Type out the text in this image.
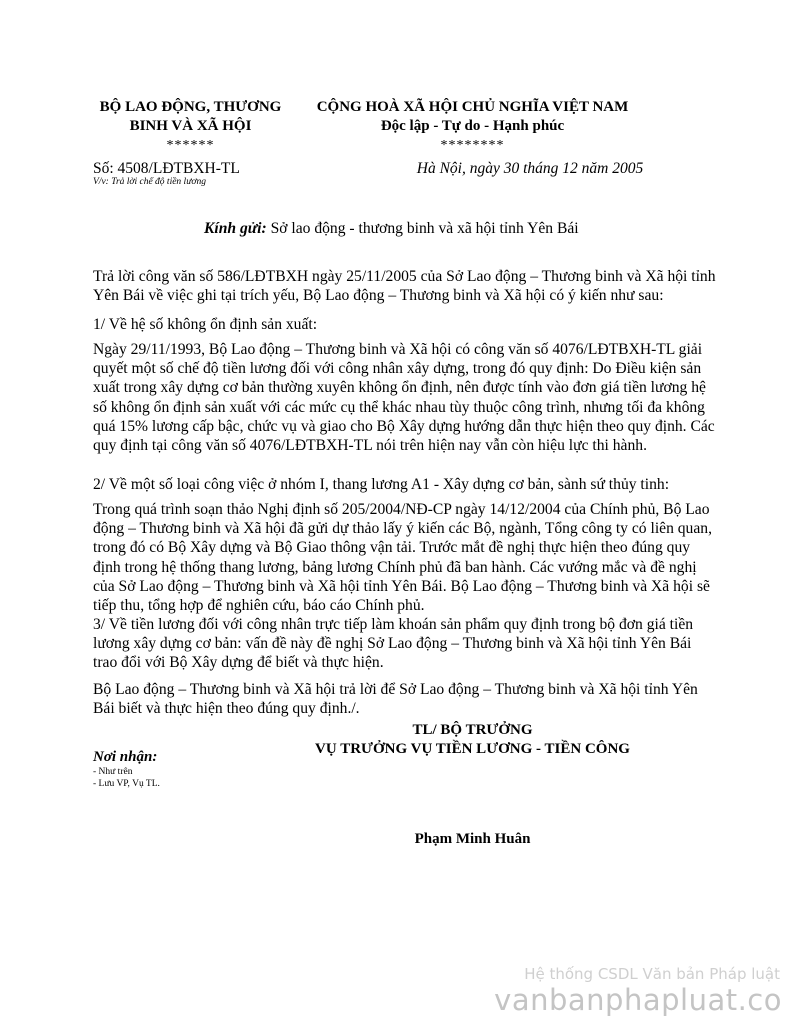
BỘ LAO ĐỘNG, THƯƠNG
BINH VÀ XÃ HỘI
******
CỘNG HOÀ XÃ HỘI CHỦ NGHĨA VIỆT NAM
Độc lập - Tự do - Hạnh phúc
********
Số: 4508/LĐTBXH-TL
V/v: Trả lời chế độ tiền lương
Hà Nội, ngày 30 tháng 12 năm 2005
Kính gửi: Sở lao động - thương binh và xã hội tỉnh Yên Bái

Trả lời công văn số 586/LĐTBXH ngày 25/11/2005 của Sở Lao động – Thương binh và Xã hội tỉnh Yên Bái về việc ghi tại trích yếu, Bộ Lao động – Thương binh và Xã hội có ý kiến như sau:

1/ Về hệ số không ổn định sản xuất:

Ngày 29/11/1993, Bộ Lao động – Thương binh và Xã hội có công văn số 4076/LĐTBXH-TL giải quyết một số chế độ tiền lương đối với công nhân xây dựng, trong đó quy định: Do Điều kiện sản xuất trong xây dựng cơ bản thường xuyên không ổn định, nên được tính vào đơn giá tiền lương hệ số không ổn định sản xuất với các mức cụ thể khác nhau tùy thuộc công trình, nhưng tối đa không quá 15% lương cấp bậc, chức vụ và giao cho Bộ Xây dựng hướng dẫn thực hiện theo quy định. Các quy định tại công văn số 4076/LĐTBXH-TL nói trên hiện nay vẫn còn hiệu lực thi hành.

2/ Về một số loại công việc ở nhóm I, thang lương A1 - Xây dựng cơ bản, sành sứ thủy tinh:

Trong quá trình soạn thảo Nghị định số 205/2004/NĐ-CP ngày 14/12/2004 của Chính phủ, Bộ Lao động – Thương binh và Xã hội đã gửi dự thảo lấy ý kiến các Bộ, ngành, Tổng công ty có liên quan, trong đó có Bộ Xây dựng và Bộ Giao thông vận tải. Trước mắt đề nghị thực hiện theo đúng quy định trong hệ thống thang lương, bảng lương Chính phủ đã ban hành. Các vướng mắc và đề nghị của Sở Lao động – Thương binh và Xã hội tỉnh Yên Bái. Bộ Lao động – Thương binh và Xã hội sẽ tiếp thu, tổng hợp để nghiên cứu, báo cáo Chính phủ.

3/ Về tiền lương đối với công nhân trực tiếp làm khoán sản phẩm quy định trong bộ đơn giá tiền lương xây dựng cơ bản: vấn đề này đề nghị Sở Lao động – Thương binh và Xã hội tỉnh Yên Bái trao đổi với Bộ Xây dựng để biết và thực hiện.

Bộ Lao động – Thương binh và Xã hội trả lời để Sở Lao động – Thương binh và Xã hội tỉnh Yên Bái biết và thực hiện theo đúng quy định./.

TL/ BỘ TRƯỞNG
VỤ TRƯỞNG VỤ TIỀN LƯƠNG - TIỀN CÔNG
Phạm Minh Huân
Nơi nhận:
- Như trên
- Lưu VP, Vụ TL.
Hệ thống CSDL Văn bản Pháp luật
vanbanphapluat.co
